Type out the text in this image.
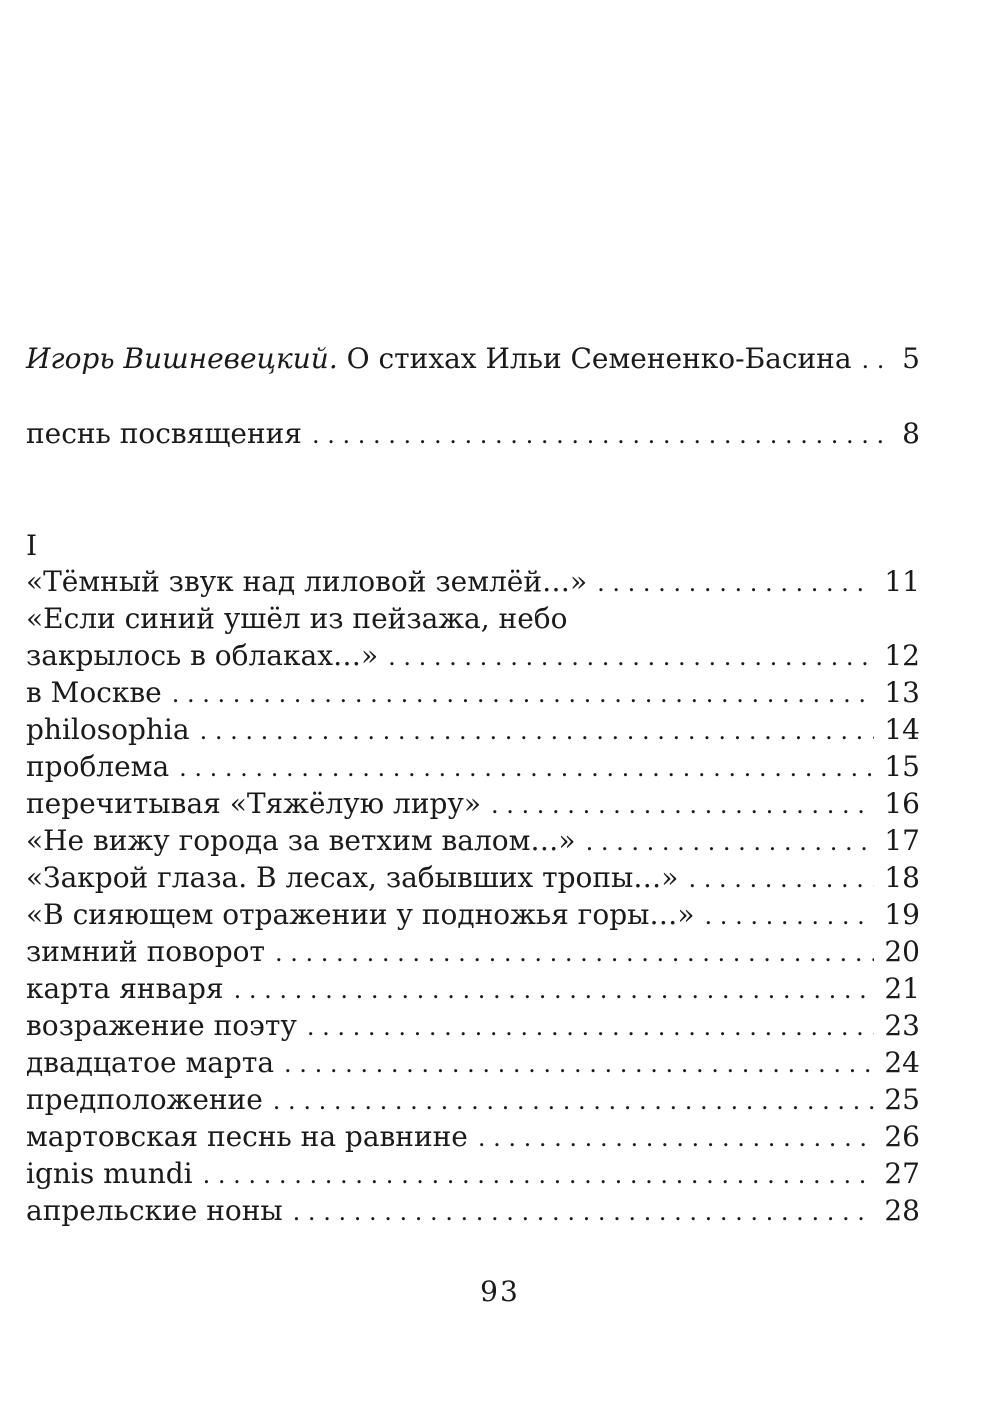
Игорь Вишневецкий. О стихах Ильи Семененко-Басина . . . 5
песнь посвящения . . .	8
I
«Тёмный звук над лиловой землёй…» . . .	11
«Если синий ушёл из пейзажа, небо
закрылось в облаках…» . . .	12
в Москве . . .	13
philosophia . . .	14
проблема . . .	15
перечитывая «Тяжёлую лиру» . . .	16
«Не вижу города за ветхим валом…» . . .	17
«Закрой глаза. В лесах, забывших тропы…» . . .	18
«В сияющем отражении у подножья горы…» . . .	19
зимний поворот . . .	20
карта января . . .	21
возражение поэту . . .	23
двадцатое марта . . .	24
предположение . . .	25
мартовская песнь на равнине . . .	26
ignis mundi . . .	27
апрельские ноны . . .	28
93
